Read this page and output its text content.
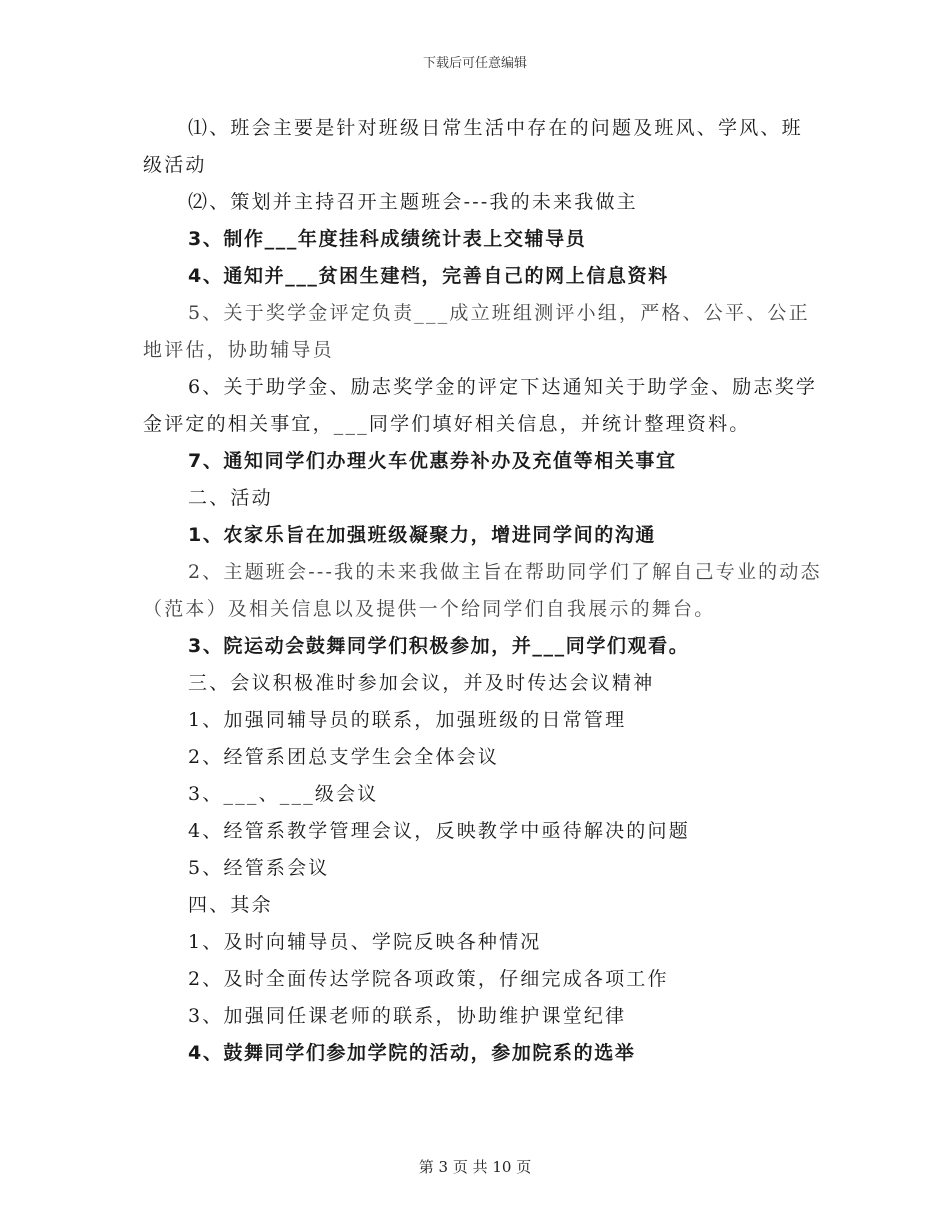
下载后可任意编辑

⑴、班会主要是针对班级日常生活中存在的问题及班风、学风、班级活动

⑵、策划并主持召开主题班会---我的未来我做主

3、制作___年度挂科成绩统计表上交辅导员

4、通知并___贫困生建档，完善自己的网上信息资料

5、关于奖学金评定负责___成立班组测评小组，严格、公平、公正地评估，协助辅导员

6、关于助学金、励志奖学金的评定下达通知关于助学金、励志奖学金评定的相关事宜，___同学们填好相关信息，并统计整理资料。

7、通知同学们办理火车优惠券补办及充值等相关事宜

二、活动

1、农家乐旨在加强班级凝聚力，增进同学间的沟通

2、主题班会---我的未来我做主旨在帮助同学们了解自己专业的动态（范本）及相关信息以及提供一个给同学们自我展示的舞台。

3、院运动会鼓舞同学们积极参加，并___同学们观看。

三、会议积极准时参加会议，并及时传达会议精神

1、加强同辅导员的联系，加强班级的日常管理

2、经管系团总支学生会全体会议

3、___、___级会议

4、经管系教学管理会议，反映教学中亟待解决的问题

5、经管系会议

四、其余

1、及时向辅导员、学院反映各种情况

2、及时全面传达学院各项政策，仔细完成各项工作

3、加强同任课老师的联系，协助维护课堂纪律

4、鼓舞同学们参加学院的活动，参加院系的选举

第 3 页 共 10 页
